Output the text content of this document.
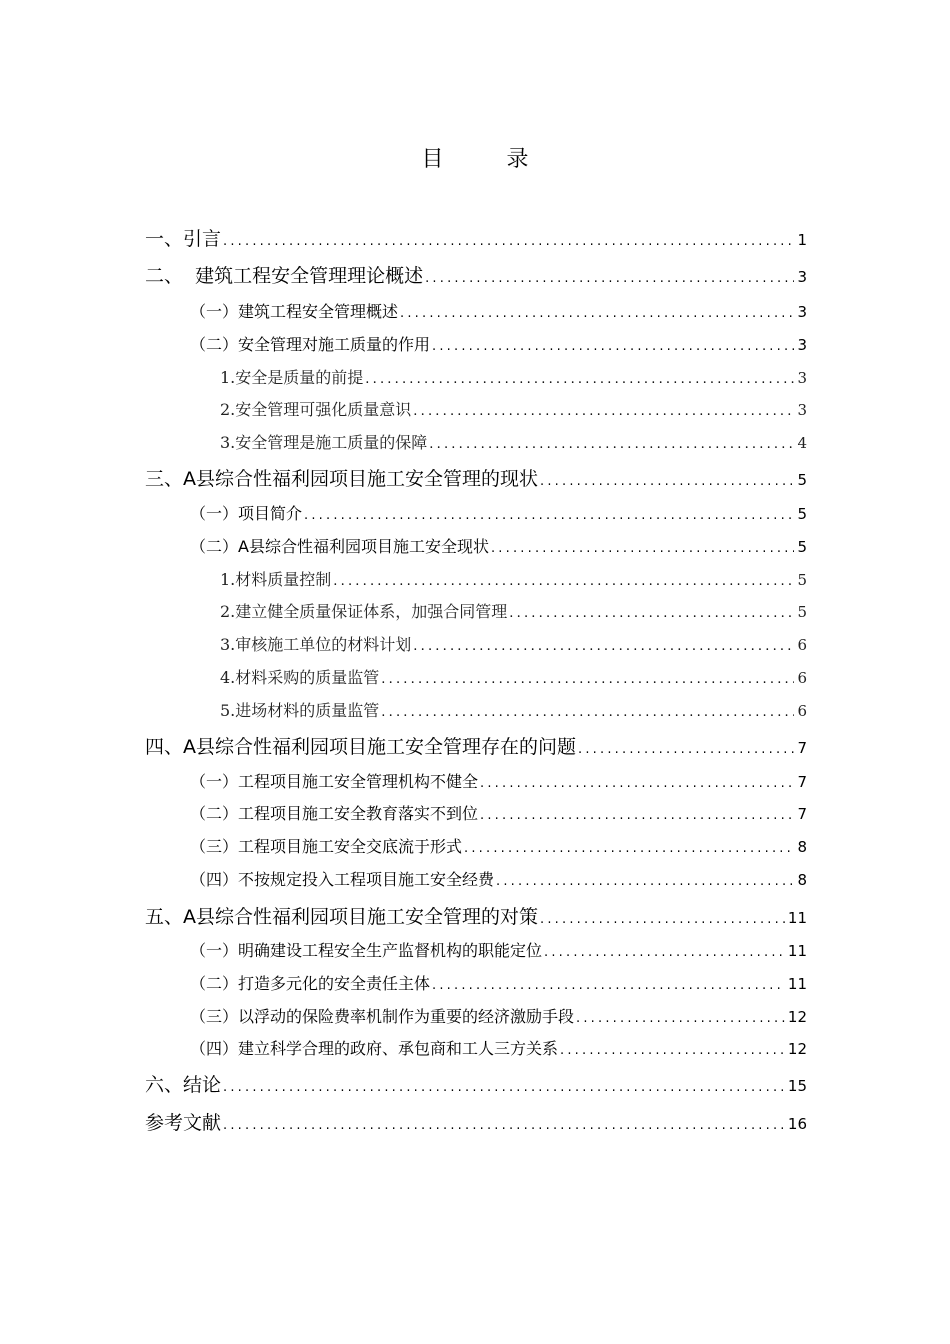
目 录
一、引言 .....	1
二、  建筑工程安全管理理论概述 .....	3
（一）建筑工程安全管理概述 .....	3
（二）安全管理对施工质量的作用 .....	3
1.安全是质量的前提 .....	3
2.安全管理可强化质量意识 .....	3
3.安全管理是施工质量的保障 .....	4
三、A县综合性福利园项目施工安全管理的现状 .....	5
（一）项目简介 .....	5
（二）A县综合性福利园项目施工安全现状 .....	5
1.材料质量控制 .....	5
2.建立健全质量保证体系，加强合同管理 .....	5
3.审核施工单位的材料计划 .....	6
4.材料采购的质量监管 .....	6
5.进场材料的质量监管 .....	6
四、A县综合性福利园项目施工安全管理存在的问题 .....	7
（一）工程项目施工安全管理机构不健全 .....	7
（二）工程项目施工安全教育落实不到位 .....	7
（三）工程项目施工安全交底流于形式 .....	8
（四）不按规定投入工程项目施工安全经费 .....	8
五、A县综合性福利园项目施工安全管理的对策 .....	11
（一）明确建设工程安全生产监督机构的职能定位 .....	11
（二）打造多元化的安全责任主体 .....	11
（三）以浮动的保险费率机制作为重要的经济激励手段 .....	12
（四）建立科学合理的政府、承包商和工人三方关系 .....	12
六、结论 .....	15
参考文献 .....	16
